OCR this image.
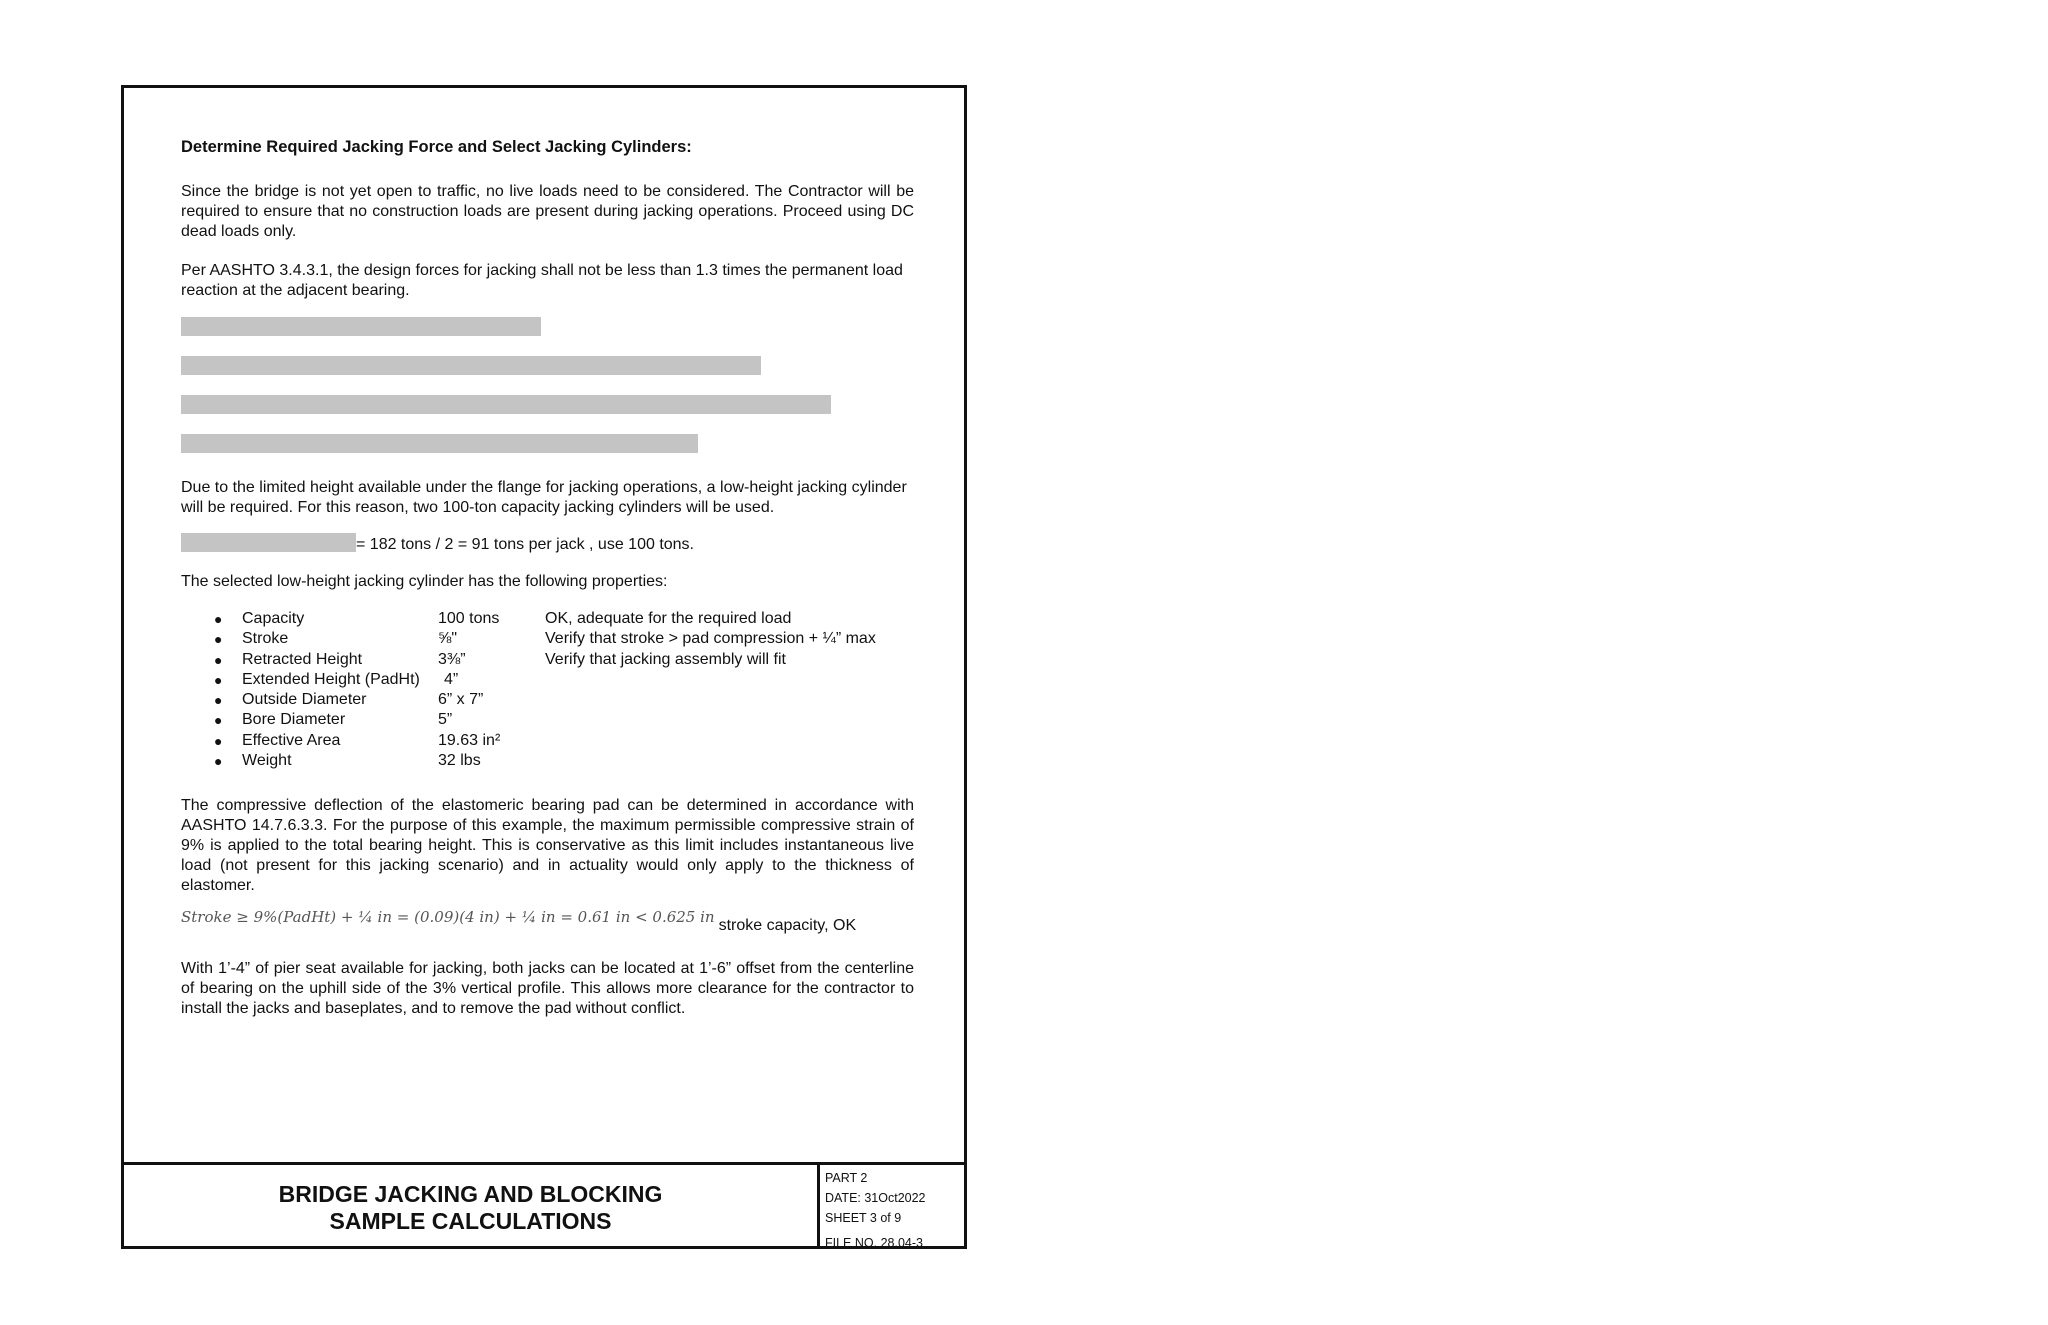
Determine Required Jacking Force and Select Jacking Cylinders:
Since the bridge is not yet open to traffic, no live loads need to be considered. The Contractor will be required to ensure that no construction loads are present during jacking operations. Proceed using DC dead loads only.
Per AASHTO 3.4.3.1, the design forces for jacking shall not be less than 1.3 times the permanent load reaction at the adjacent bearing.
Due to the limited height available under the flange for jacking operations, a low-height jacking cylinder will be required. For this reason, two 100-ton capacity jacking cylinders will be used.
= 182 tons / 2 = 91 tons per jack , use 100 tons.
The selected low-height jacking cylinder has the following properties:
● Capacity	100 tons	OK, adequate for the required load
● Stroke	⅝"	Verify that stroke > pad compression + ¼” max
● Retracted Height	3⅜”	Verify that jacking assembly will fit
● Extended Height (PadHt) 4”
● Outside Diameter	6” x 7”
● Bore Diameter	5”
● Effective Area	19.63 in²
● Weight	32 lbs
The compressive deflection of the elastomeric bearing pad can be determined in accordance with AASHTO 14.7.6.3.3. For the purpose of this example, the maximum permissible compressive strain of 9% is applied to the total bearing height. This is conservative as this limit includes instantaneous live load (not present for this jacking scenario) and in actuality would only apply to the thickness of elastomer.
Stroke ≥ 9%(PadHt) + ¼ in = (0.09)(4 in) + ¼ in = 0.61 in < 0.625 in stroke capacity, OK
With 1’-4” of pier seat available for jacking, both jacks can be located at 1’-6” offset from the centerline of bearing on the uphill side of the 3% vertical profile. This allows more clearance for the contractor to install the jacks and baseplates, and to remove the pad without conflict.
BRIDGE JACKING AND BLOCKING
SAMPLE CALCULATIONS
PART 2
DATE: 31Oct2022
SHEET 3 of 9
FILE NO. 28.04-3
